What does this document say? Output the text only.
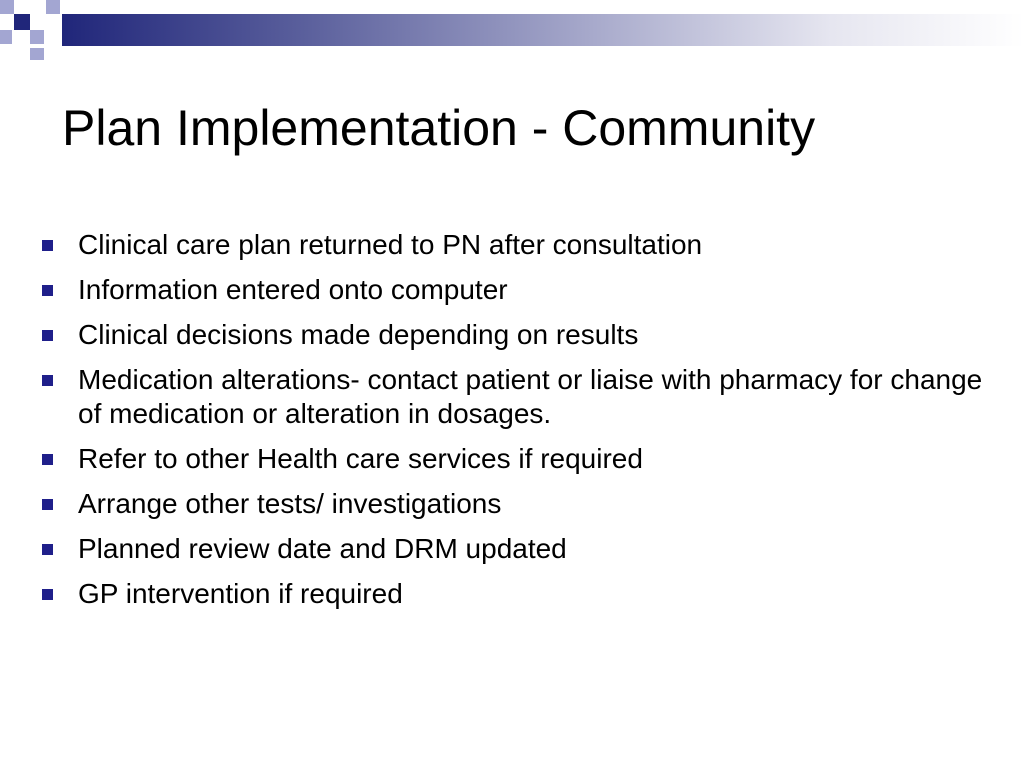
Plan Implementation - Community
Clinical care plan returned to PN after consultation
Information entered onto computer
Clinical decisions made depending on results
Medication alterations- contact patient or liaise with pharmacy for change of medication or alteration in dosages.
Refer to other Health care services if required
Arrange other tests/ investigations
Planned review date and DRM updated
GP intervention if required
